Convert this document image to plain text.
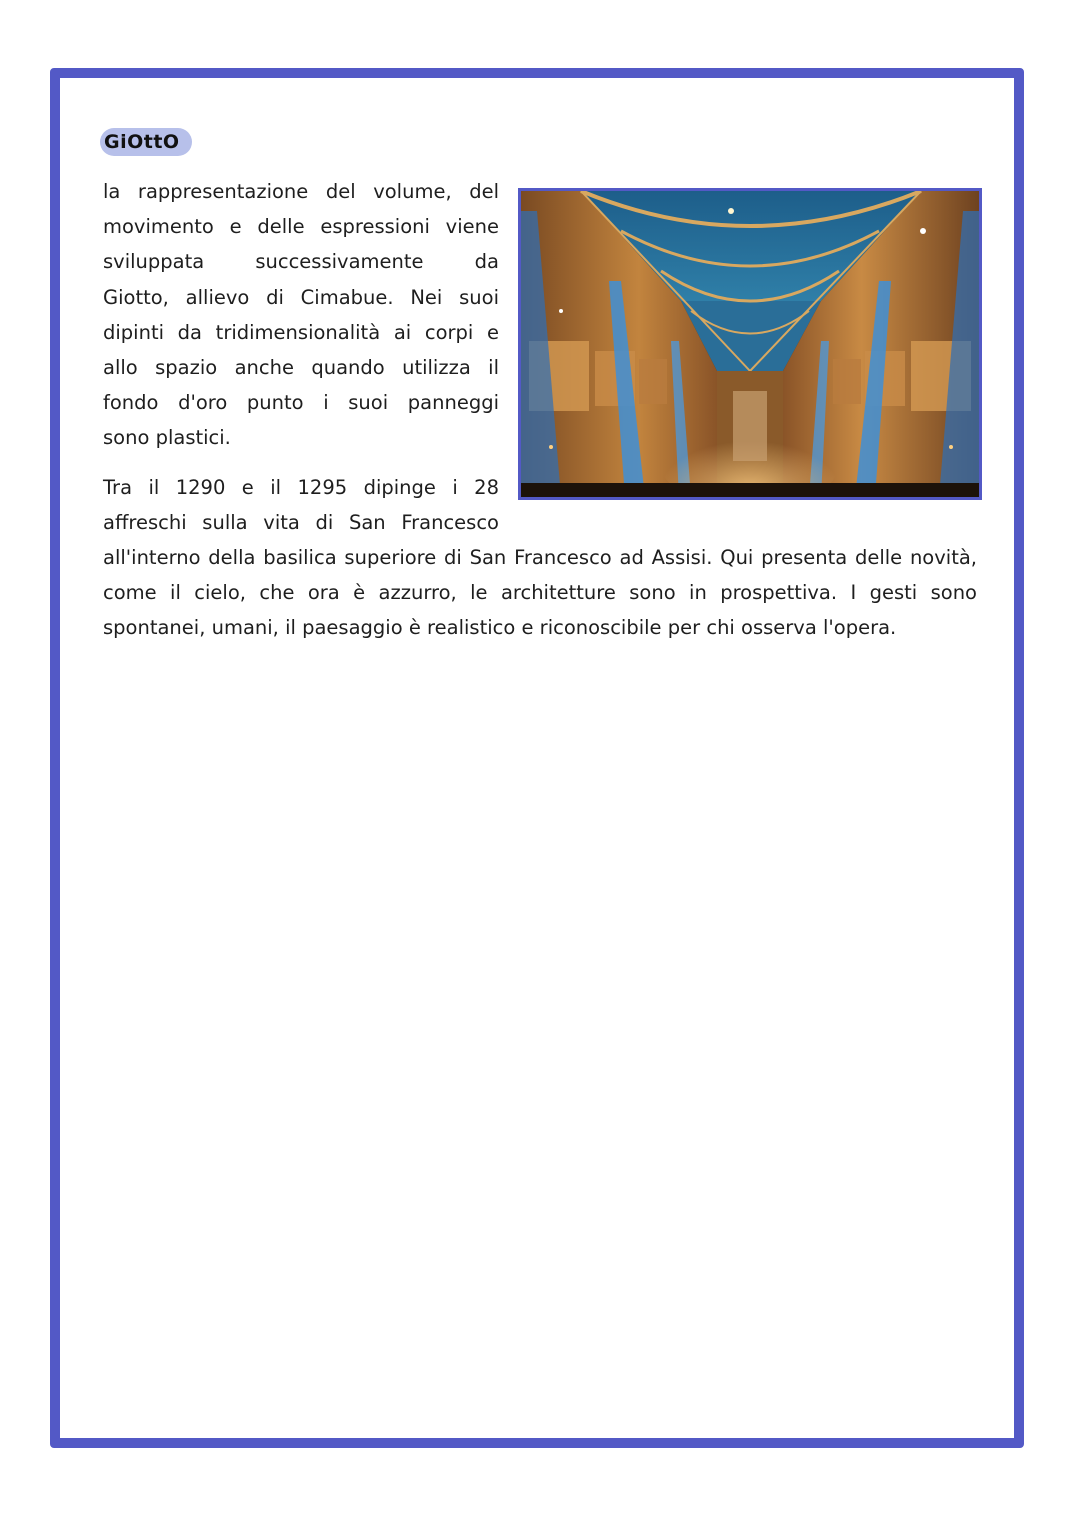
GiOttO

la rappresentazione del volume, del

movimento e delle espressioni viene

sviluppata successivamente da

Giotto, allievo di Cimabue. Nei suoi

dipinti da tridimensionalità ai corpi e

allo spazio anche quando utilizza il

fondo d'oro punto i suoi panneggi

sono plastici.

Tra il 1290 e il 1295 dipinge i 28

affreschi sulla vita di San Francesco

all'interno della basilica superiore di San Francesco ad Assisi. Qui presenta delle novità, come il cielo, che ora è azzurro, le architetture sono in prospettiva. I gesti sono spontanei, umani, il paesaggio è realistico e riconoscibile per chi osserva l'opera.
